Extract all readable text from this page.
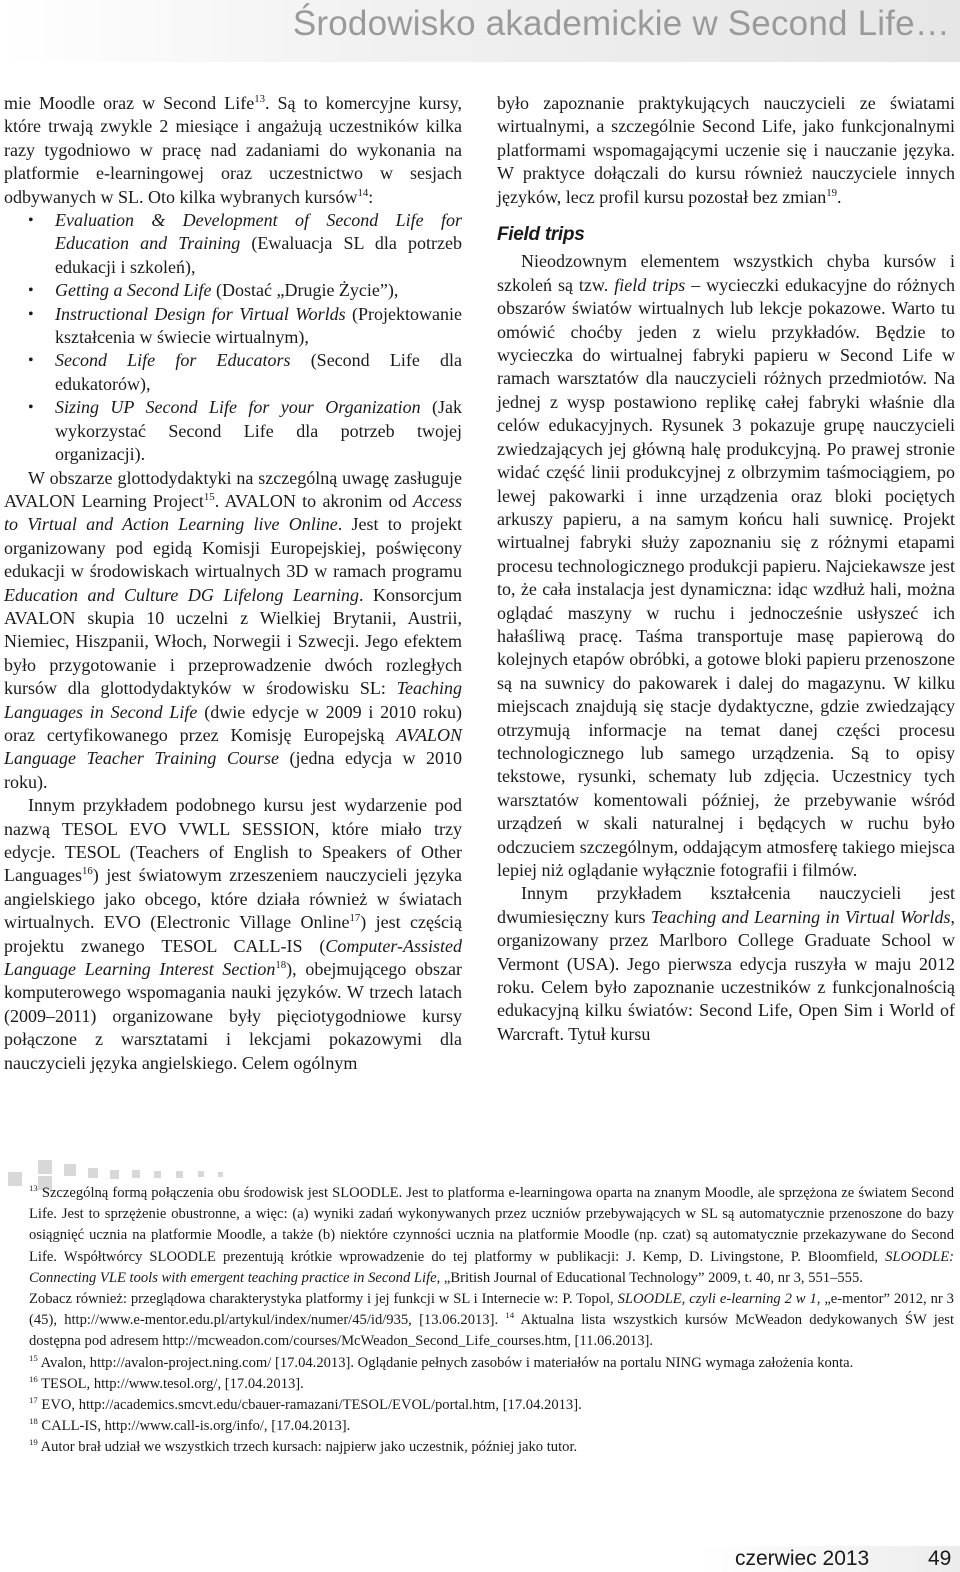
Środowisko akademickie w Second Life…

mie Moodle oraz w Second Life$^{13}$. Są to komercyjne kursy, które trwają zwykle 2 miesiące i angażują uczestników kilka razy tygodniowo w pracę nad zadaniami do wykonania na platformie e-learningowej oraz uczestnictwo w sesjach odbywanych w SL. Oto kilka wybranych kursów$^{14}$:

• Evaluation & Development of Second Life for Education and Training (Ewaluacja SL dla potrzeb edukacji i szkoleń),
• Getting a Second Life (Dostać „Drugie Życie”),
• Instructional Design for Virtual Worlds (Projektowanie kształcenia w świecie wirtualnym),
• Second Life for Educators (Second Life dla edukatorów),
• Sizing UP Second Life for your Organization (Jak wykorzystać Second Life dla potrzeb twojej organizacji).

W obszarze glottodydaktyki na szczególną uwagę zasługuje AVALON Learning Project$^{15}$. AVALON to akronim od Access to Virtual and Action Learning live Online. Jest to projekt organizowany pod egidą Komisji Europejskiej, poświęcony edukacji w środowiskach wirtualnych 3D w ramach programu Education and Culture DG Lifelong Learning. Konsorcjum AVALON skupia 10 uczelni z Wielkiej Brytanii, Austrii, Niemiec, Hiszpanii, Włoch, Norwegii i Szwecji. Jego efektem było przygotowanie i przeprowadzenie dwóch rozległych kursów dla glottodydaktyków w środowisku SL: Teaching Languages in Second Life (dwie edycje w 2009 i 2010 roku) oraz certyfikowanego przez Komisję Europejską AVALON Language Teacher Training Course (jedna edycja w 2010 roku).

Innym przykładem podobnego kursu jest wydarzenie pod nazwą TESOL EVO VWLL SESSION, które miało trzy edycje. TESOL (Teachers of English to Speakers of Other Languages$^{16}$) jest światowym zrzeszeniem nauczycieli języka angielskiego jako obcego, które działa również w światach wirtualnych. EVO (Electronic Village Online$^{17}$) jest częścią projektu zwanego TESOL CALL-IS (Computer-Assisted Language Learning Interest Section$^{18}$), obejmującego obszar komputerowego wspomagania nauki języków. W trzech latach (2009–2011) organizowane były pięciotygodniowe kursy połączone z warsztatami i lekcjami pokazowymi dla nauczycieli języka angielskiego. Celem ogólnym

było zapoznanie praktykujących nauczycieli ze światami wirtualnymi, a szczególnie Second Life, jako funkcjonalnymi platformami wspomagającymi uczenie się i nauczanie języka. W praktyce dołączali do kursu również nauczyciele innych języków, lecz profil kursu pozostał bez zmian$^{19}$.

Field trips

Nieodzownym elementem wszystkich chyba kursów i szkoleń są tzw. field trips – wycieczki edukacyjne do różnych obszarów światów wirtualnych lub lekcje pokazowe. Warto tu omówić choćby jeden z wielu przykładów. Będzie to wycieczka do wirtualnej fabryki papieru w Second Life w ramach warsztatów dla nauczycieli różnych przedmiotów. Na jednej z wysp postawiono replikę całej fabryki właśnie dla celów edukacyjnych. Rysunek 3 pokazuje grupę nauczycieli zwiedzających jej główną halę produkcyjną. Po prawej stronie widać część linii produkcyjnej z olbrzymim taśmociągiem, po lewej pakowarki i inne urządzenia oraz bloki pociętych arkuszy papieru, a na samym końcu hali suwnicę. Projekt wirtualnej fabryki służy zapoznaniu się z różnymi etapami procesu technologicznego produkcji papieru. Najciekawsze jest to, że cała instalacja jest dynamiczna: idąc wzdłuż hali, można oglądać maszyny w ruchu i jednocześnie usłyszeć ich hałaśliwą pracę. Taśma transportuje masę papierową do kolejnych etapów obróbki, a gotowe bloki papieru przenoszone są na suwnicy do pakowarek i dalej do magazynu. W kilku miejscach znajdują się stacje dydaktyczne, gdzie zwiedzający otrzymują informacje na temat danej części procesu technologicznego lub samego urządzenia. Są to opisy tekstowe, rysunki, schematy lub zdjęcia. Uczestnicy tych warsztatów komentowali później, że przebywanie wśród urządzeń w skali naturalnej i będących w ruchu było odczuciem szczególnym, oddającym atmosferę takiego miejsca lepiej niż oglądanie wyłącznie fotografii i filmów.

Innym przykładem kształcenia nauczycieli jest dwumiesięczny kurs Teaching and Learning in Virtual Worlds, organizowany przez Marlboro College Graduate School w Vermont (USA). Jego pierwsza edycja ruszyła w maju 2012 roku. Celem było zapoznanie uczestników z funkcjonalnością edukacyjną kilku światów: Second Life, Open Sim i World of Warcraft. Tytuł kursu

$^{13}$ Szczególną formą połączenia obu środowisk jest SLOODLE. Jest to platforma e-learningowa oparta na znanym Moodle, ale sprzężona ze światem Second Life. Jest to sprzężenie obustronne, a więc: (a) wyniki zadań wykonywanych przez uczniów przebywających w SL są automatycznie przenoszone do bazy osiągnięć ucznia na platformie Moodle, a także (b) niektóre czynności ucznia na platformie Moodle (np. czat) są automatycznie przekazywane do Second Life. Współtwórcy SLOODLE prezentują krótkie wprowadzenie do tej platformy w publikacji: J. Kemp, D. Livingstone, P. Bloomfield, SLOODLE: Connecting VLE tools with emergent teaching practice in Second Life, „British Journal of Educational Technology” 2009, t. 40, nr 3, 551–555.

Zobacz również: przeglądowa charakterystyka platformy i jej funkcji w SL i Internecie w: P. Topol, SLOODLE, czyli e-learning 2 w 1, „e-mentor” 2012, nr 3 (45), http://www.e-mentor.edu.pl/artykul/index/numer/45/id/935, [13.06.2013]. $^{14}$ Aktualna lista wszystkich kursów McWeadon dedykowanych ŚW jest dostępna pod adresem http://mcweadon.com/courses/McWeadon_Second_Life_courses.htm, [11.06.2013].

$^{15}$ Avalon, http://avalon-project.ning.com/ [17.04.2013]. Oglądanie pełnych zasobów i materiałów na portalu NING wymaga założenia konta.

$^{16}$ TESOL, http://www.tesol.org/, [17.04.2013].

$^{17}$ EVO, http://academics.smcvt.edu/cbauer-ramazani/TESOL/EVOL/portal.htm, [17.04.2013].

$^{18}$ CALL-IS, http://www.call-is.org/info/, [17.04.2013].

$^{19}$ Autor brał udział we wszystkich trzech kursach: najpierw jako uczestnik, później jako tutor.

czerwiec 2013	49
